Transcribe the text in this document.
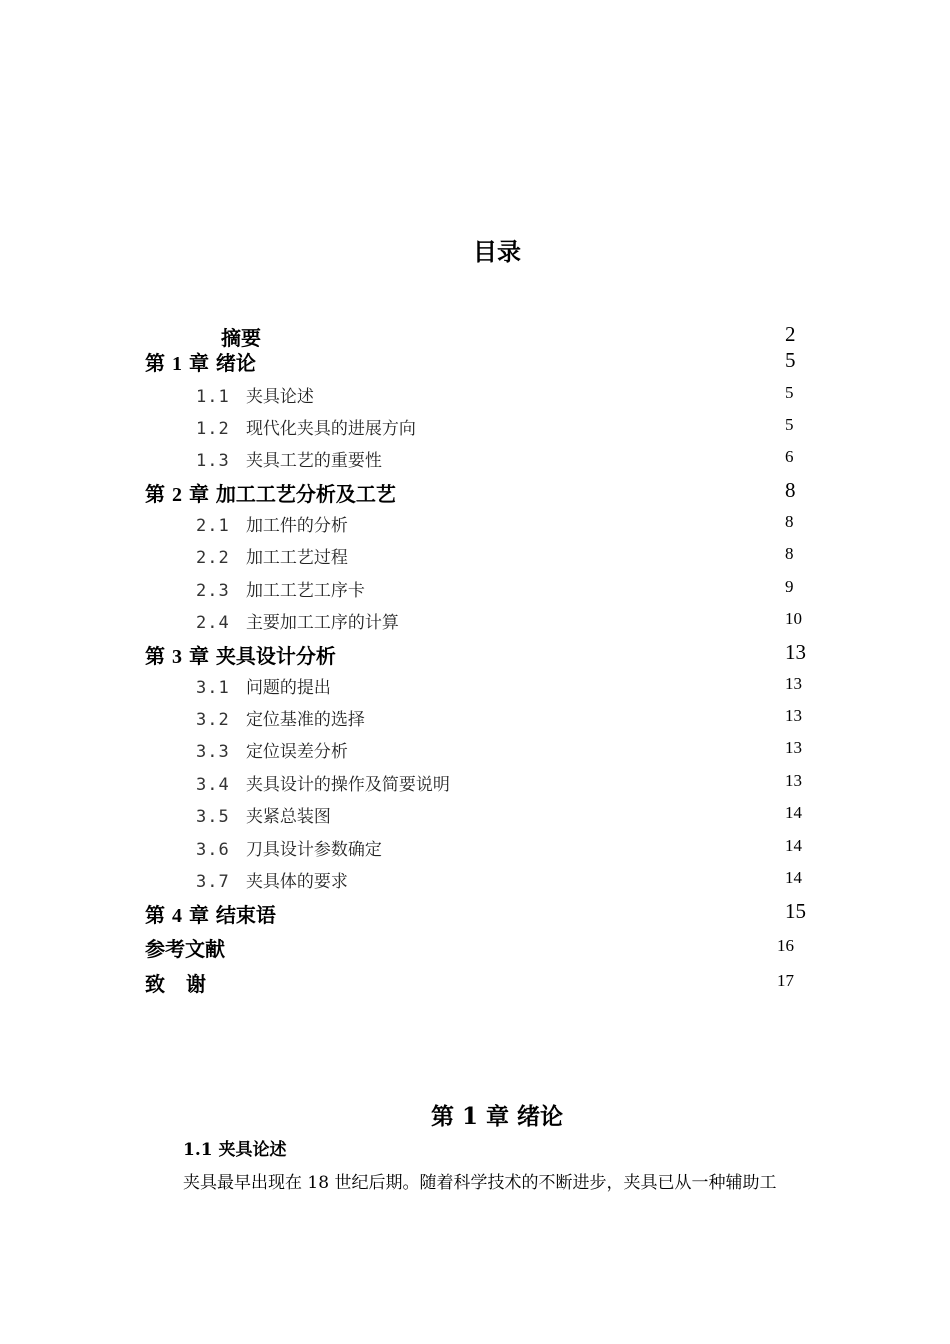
目录
摘要	2
第 1 章 绪论	5
1.1 夹具论述	5
1.2 现代化夹具的进展方向	5
1.3 夹具工艺的重要性	6
第 2 章 加工工艺分析及工艺	8
2.1 加工件的分析	8
2.2 加工工艺过程	8
2.3 加工工艺工序卡	9
2.4 主要加工工序的计算	10
第 3 章 夹具设计分析	13
3.1 问题的提出	13
3.2 定位基准的选择	13
3.3 定位误差分析	13
3.4 夹具设计的操作及简要说明	13
3.5 夹紧总装图	14
3.6 刀具设计参数确定	14
3.7 夹具体的要求	14
第 4 章 结束语	15
参考文献	16
致 谢	17
第 1 章 绪论
1.1 夹具论述
夹具最早出现在 18 世纪后期。随着科学技术的不断进步，夹具已从一种辅助工
